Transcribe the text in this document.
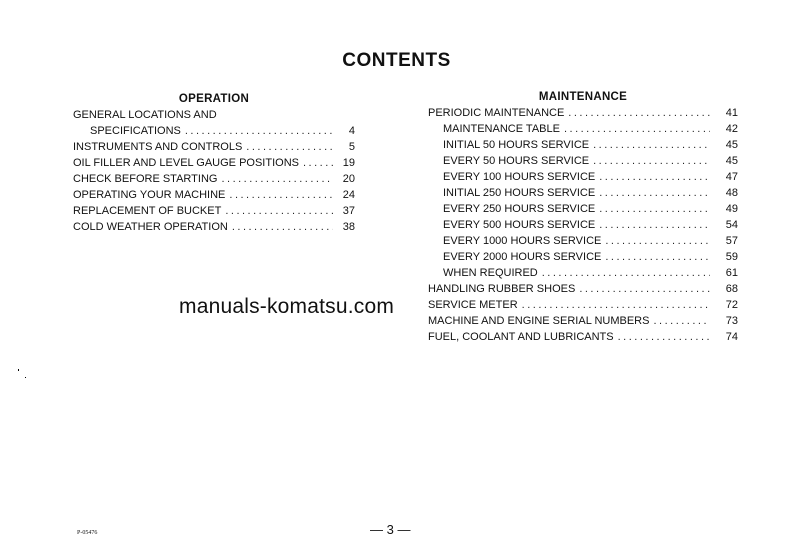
CONTENTS
OPERATION
GENERAL LOCATIONS AND
SPECIFICATIONS .....	4
INSTRUMENTS AND CONTROLS .....	5
OIL FILLER AND LEVEL GAUGE POSITIONS .....	19
CHECK BEFORE STARTING .....	20
OPERATING YOUR MACHINE .....	24
REPLACEMENT OF BUCKET .....	37
COLD WEATHER OPERATION .....	38
MAINTENANCE
PERIODIC MAINTENANCE .....	41
MAINTENANCE TABLE .....	42
INITIAL 50 HOURS SERVICE .....	45
EVERY 50 HOURS SERVICE .....	45
EVERY 100 HOURS SERVICE .....	47
INITIAL 250 HOURS SERVICE .....	48
EVERY 250 HOURS SERVICE .....	49
EVERY 500 HOURS SERVICE .....	54
EVERY 1000 HOURS SERVICE .....	57
EVERY 2000 HOURS SERVICE .....	59
WHEN REQUIRED .....	61
HANDLING RUBBER SHOES .....	68
SERVICE METER .....	72
MACHINE AND ENGINE SERIAL NUMBERS .....	73
FUEL, COOLANT AND LUBRICANTS .....	74
manuals-komatsu.com
P-05476	— 3 —
